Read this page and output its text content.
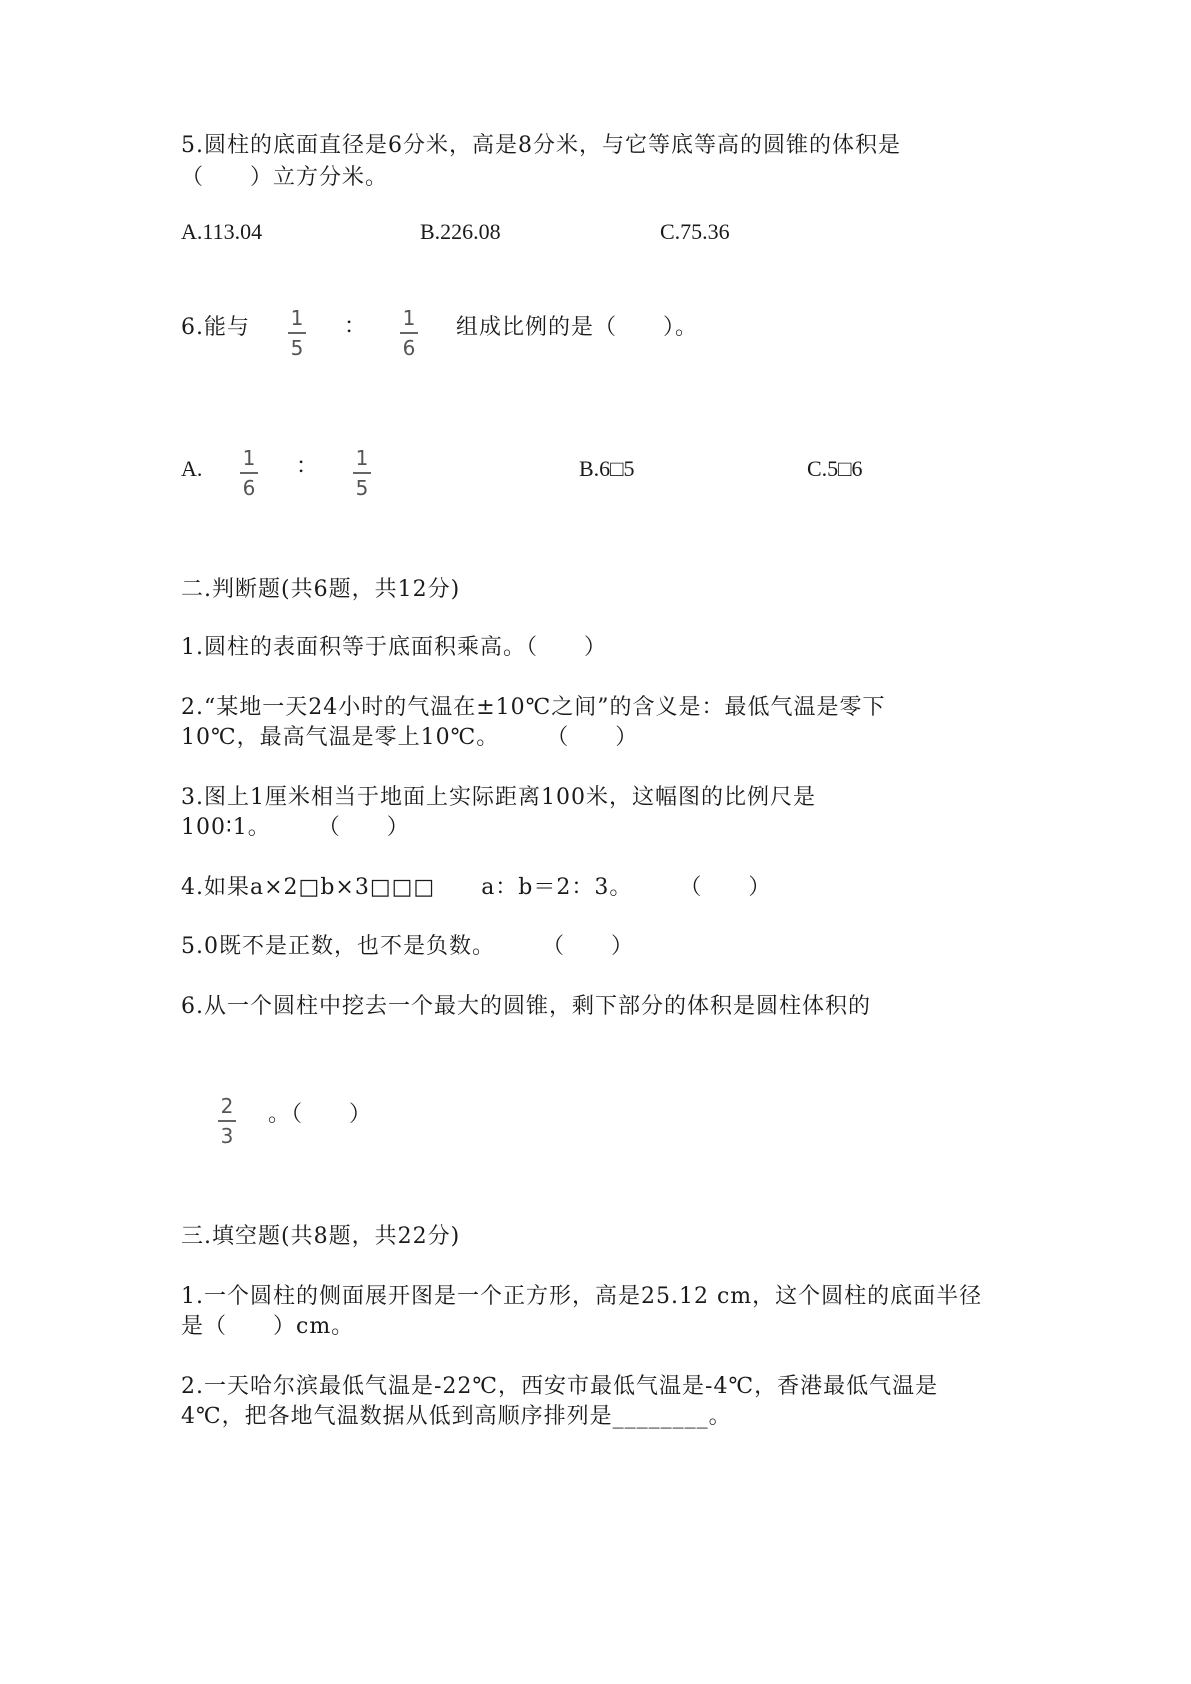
5.圆柱的底面直径是6分米，高是8分米，与它等底等高的圆锥的体积是
（　　）立方分米。
A.113.04	B.226.08	C.75.36
6.能与	1
5
：	1
6
组成比例的是（　　）。
A.	1
6
：	1
5
B.6□5	C.5□6
二.判断题(共6题，共12分)
1.圆柱的表面积等于底面积乘高。（　　）
2.“某地一天24小时的气温在±10℃之间”的含义是：最低气温是零下
10℃，最高气温是零上10℃。　　　（　　）
3.图上1厘米相当于地面上实际距离100米，这幅图的比例尺是
100∶1。　　　（　　）
4.如果a×2□b×3□□□　　a：b＝2：3。　　　（　　）
5.0既不是正数，也不是负数。　　　（　　）
6.从一个圆柱中挖去一个最大的圆锥，剩下部分的体积是圆柱体积的
2
3
。（　　）
三.填空题(共8题，共22分)
1.一个圆柱的侧面展开图是一个正方形，高是25.12 cm，这个圆柱的底面半径
是（　　）cm。
2.一天哈尔滨最低气温是-22℃，西安市最低气温是-4℃，香港最低气温是
4℃，把各地气温数据从低到高顺序排列是________。
